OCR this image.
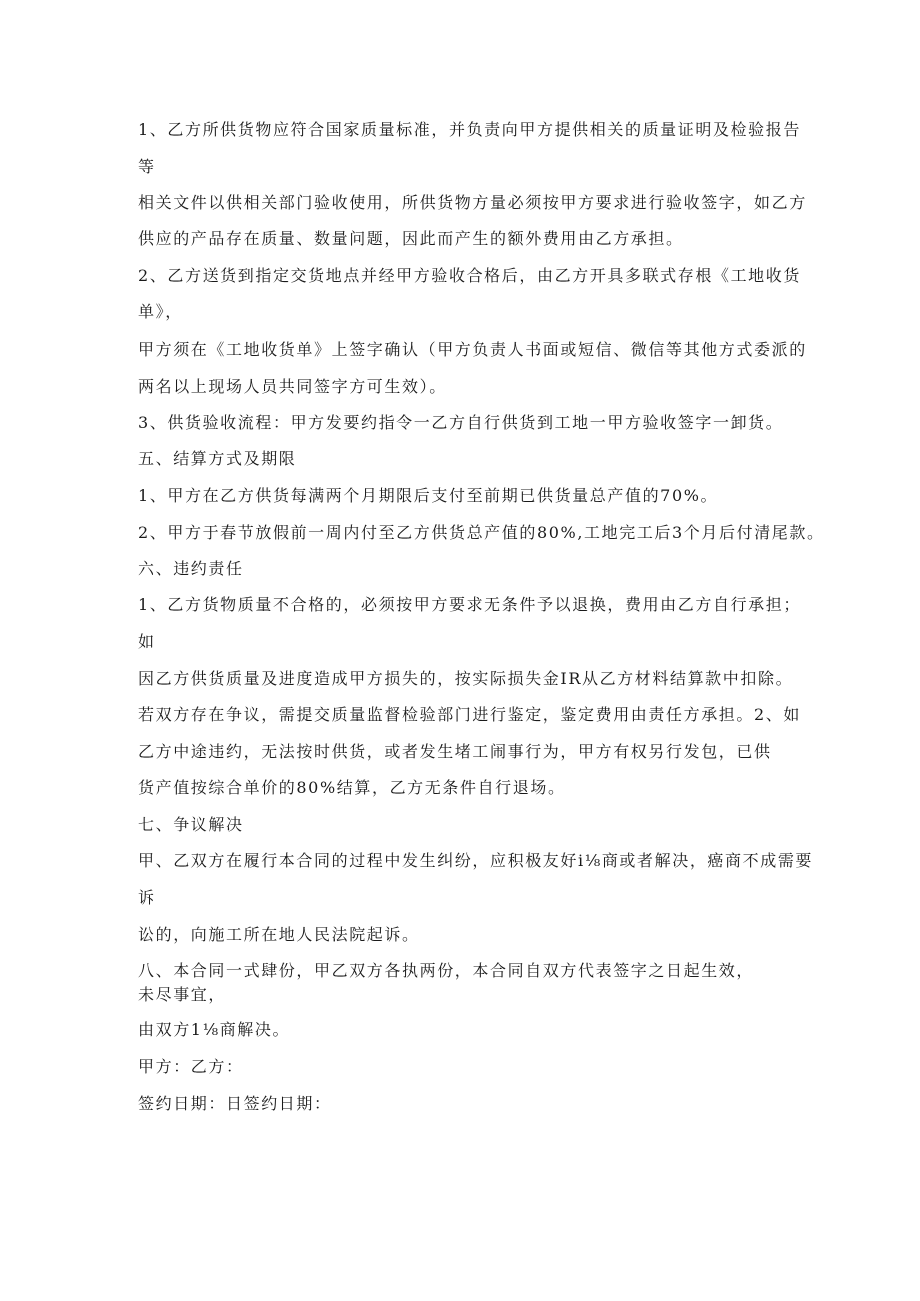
1、乙方所供货物应符合国家质量标准，并负责向甲方提供相关的质量证明及检验报告
等
相关文件以供相关部门验收使用，所供货物方量必须按甲方要求进行验收签字，如乙方
供应的产品存在质量、数量问题，因此而产生的额外费用由乙方承担。
2、乙方送货到指定交货地点并经甲方验收合格后，由乙方开具多联式存根《工地收货
单》，
甲方须在《工地收货单》上签字确认（甲方负责人书面或短信、微信等其他方式委派的
两名以上现场人员共同签字方可生效）。
3、供货验收流程：甲方发要约指令一乙方自行供货到工地一甲方验收签字一卸货。
五、结算方式及期限
1、甲方在乙方供货每满两个月期限后支付至前期已供货量总产值的70%。
2、甲方于春节放假前一周内付至乙方供货总产值的80%,工地完工后3个月后付清尾款。
六、违约责任
1、乙方货物质量不合格的，必须按甲方要求无条件予以退换，费用由乙方自行承担；
如
因乙方供货质量及进度造成甲方损失的，按实际损失金IR从乙方材料结算款中扣除。
若双方存在争议，需提交质量监督检验部门进行鉴定，鉴定费用由责任方承担。2、如
乙方中途违约，无法按时供货，或者发生堵工闹事行为，甲方有权另行发包，已供
货产值按综合单价的80%结算，乙方无条件自行退场。
七、争议解决
甲、乙双方在履行本合同的过程中发生纠纷，应积极友好i⅛商或者解决，癌商不成需要
诉
讼的，向施工所在地人民法院起诉。
八、本合同一式肆份，甲乙双方各执两份，本合同自双方代表签字之日起生效，
未尽事宜，
由双方1⅛商解决。
甲方：乙方：
签约日期：日签约日期：
